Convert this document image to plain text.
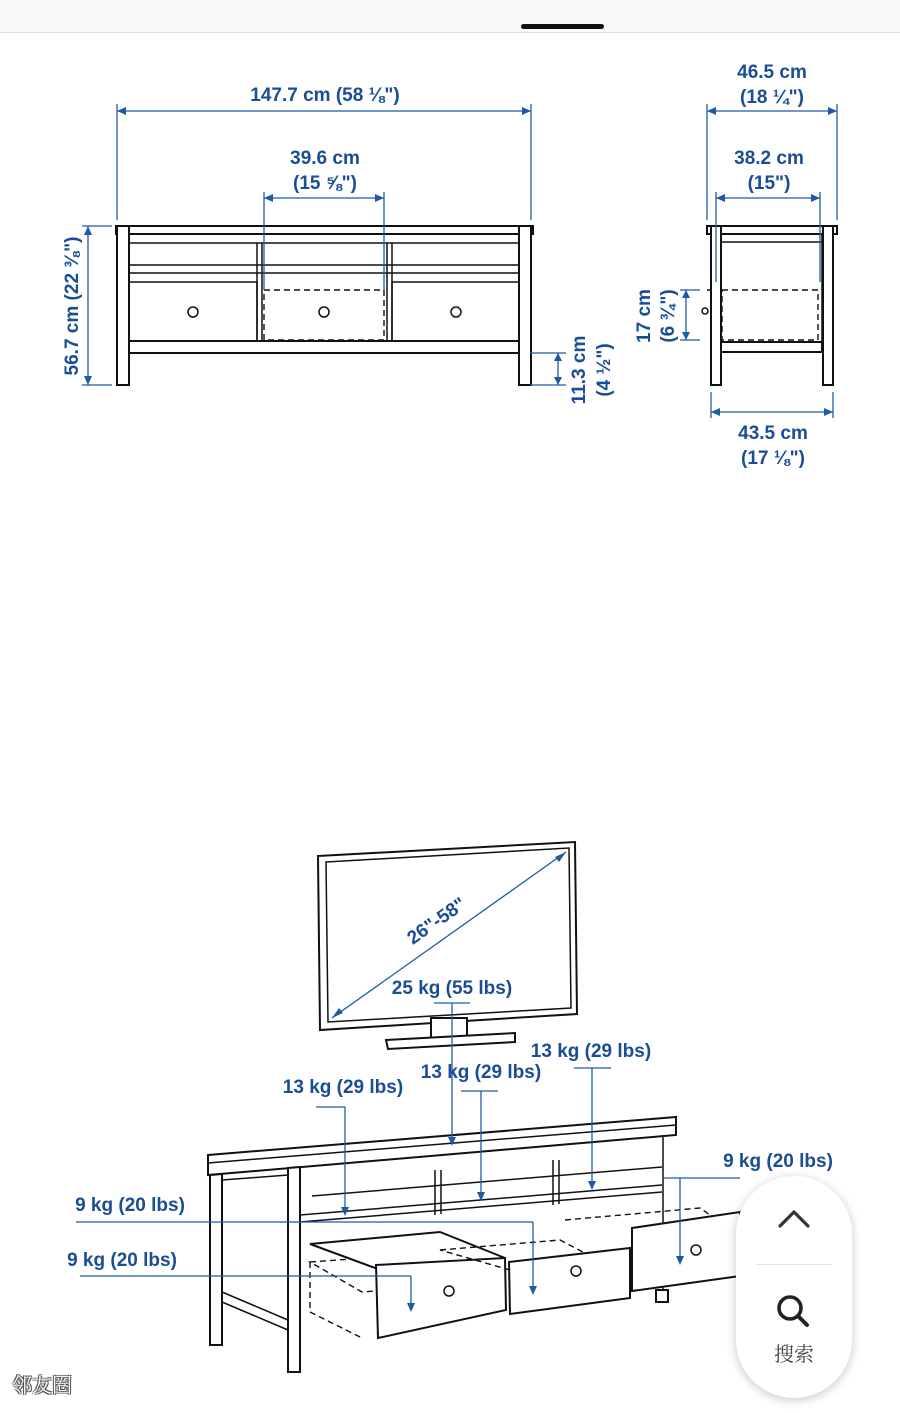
147.7 cm (58 ⅛")
39.6 cm
(15 ⅝")
56.7 cm (22 ⅜")	11.3 cm (4 ½")
46.5 cm
(18 ¼")
38.2 cm
(15")
17 cm (6 ¾")
43.5 cm
(17 ⅛")
26"-58"
25 kg (55 lbs)
13 kg (29 lbs)
13 kg (29 lbs)
13 kg (29 lbs)
9 kg (20 lbs)
9 kg (20 lbs)
9 kg (20 lbs)
搜索
邻友圈
